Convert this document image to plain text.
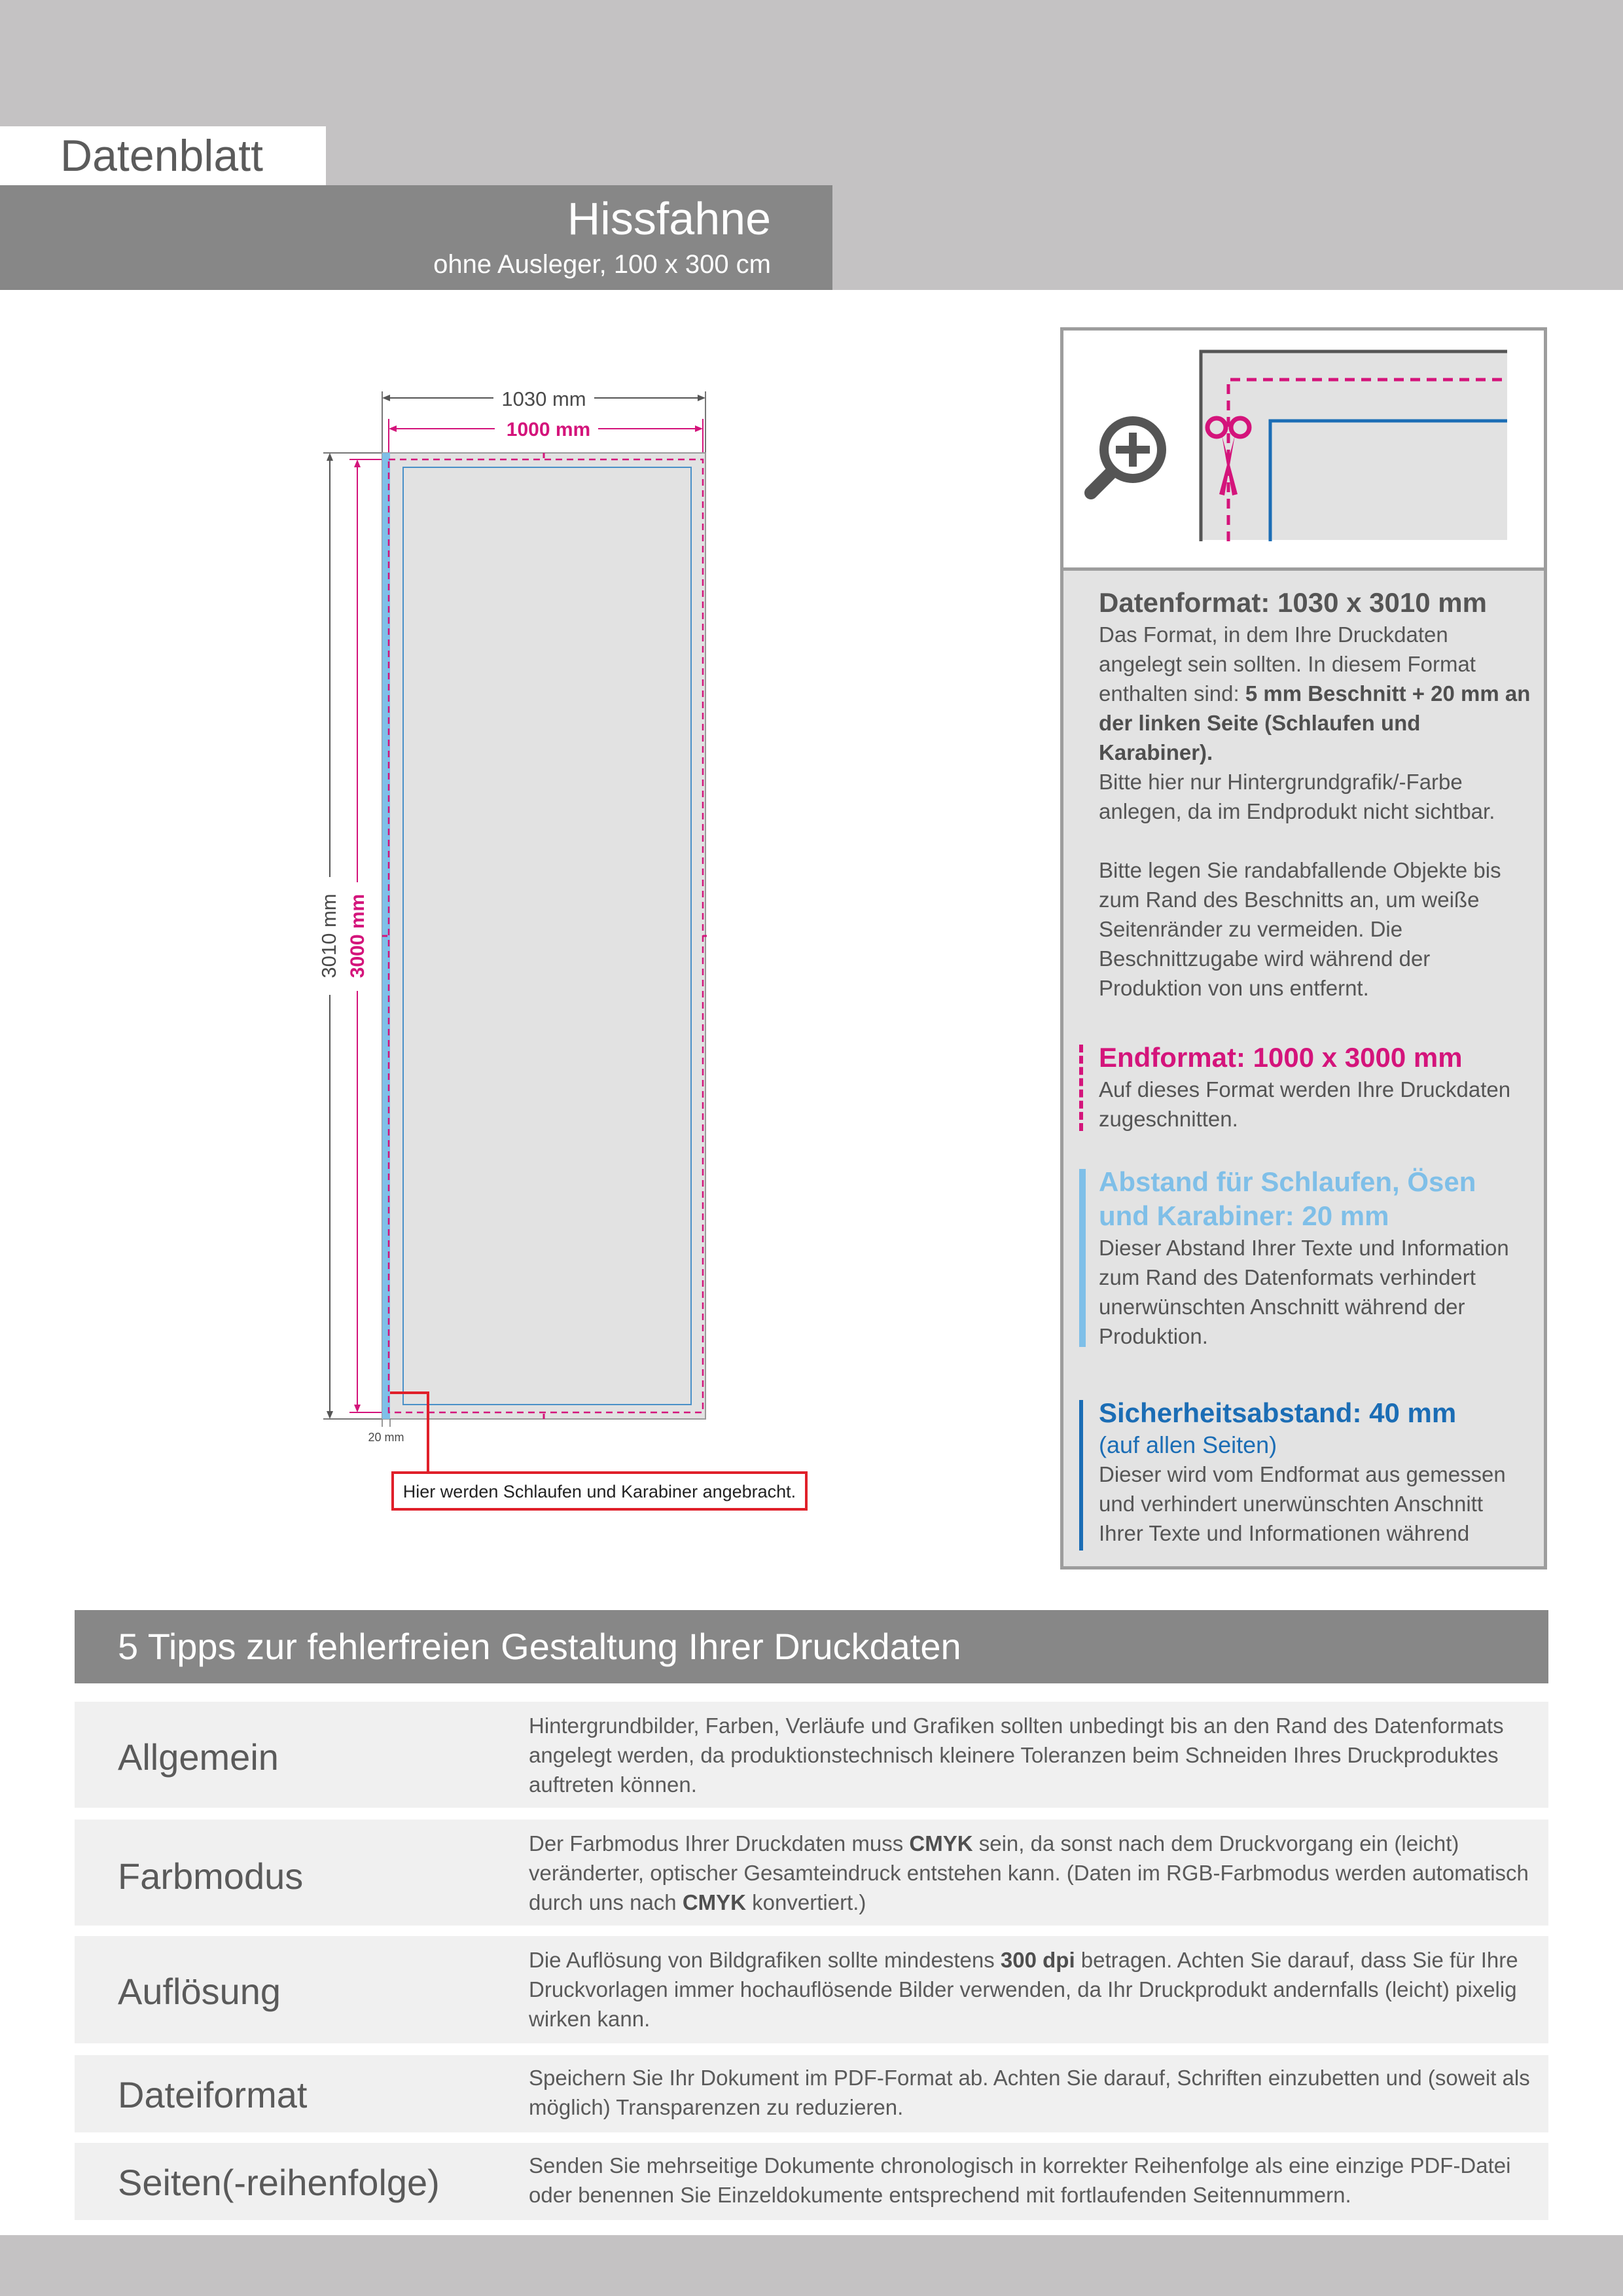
Datenblatt
Hissfahne
ohne Ausleger, 100 x 300 cm
1030 mm
1000 mm
3010 mm 3000 mm
20 mm
Hier werden Schlaufen und Karabiner angebracht.

Datenformat: 1030 x 3010 mm

Das Format, in dem Ihre Druckdaten angelegt sein sollten. In diesem Format enthalten sind: 5 mm Beschnitt + 20 mm an der linken Seite (Schlaufen und Karabiner).

Bitte hier nur Hintergrundgrafik/-Farbe anlegen, da im Endprodukt nicht sichtbar.

Bitte legen Sie randabfallende Objekte bis zum Rand des Beschnitts an, um weiße Seitenränder zu vermeiden. Die Beschnittzugabe wird während der Produktion von uns entfernt.

Endformat: 1000 x 3000 mm

Auf dieses Format werden Ihre Druckdaten zugeschnitten.

Abstand für Schlaufen, Ösen und Karabiner: 20 mm

Dieser Abstand Ihrer Texte und Information zum Rand des Datenformats verhindert unerwünschten Anschnitt während der Produktion.

Sicherheitsabstand: 40 mm

(auf allen Seiten)

Dieser wird vom Endformat aus gemessen und verhindert unerwünschten Anschnitt Ihrer Texte und Informationen während

5 Tipps zur fehlerfreien Gestaltung Ihrer Druckdaten
Allgemein
Hintergrundbilder, Farben, Verläufe und Grafiken sollten unbedingt bis an den Rand des Datenformats angelegt werden, da produktionstechnisch kleinere Toleranzen beim Schneiden Ihres Druckproduktes auftreten können.
Farbmodus
Der Farbmodus Ihrer Druckdaten muss CMYK sein, da sonst nach dem Druckvorgang ein (leicht) veränderter, optischer Gesamteindruck entstehen kann. (Daten im RGB-Farbmodus werden automatisch durch uns nach CMYK konvertiert.)
Auflösung
Die Auflösung von Bildgrafiken sollte mindestens 300 dpi betragen. Achten Sie darauf, dass Sie für Ihre Druckvorlagen immer hochauflösende Bilder verwenden, da Ihr Druckprodukt andernfalls (leicht) pixelig wirken kann.
Dateiformat	Speichern Sie Ihr Dokument im PDF-Format ab. Achten Sie darauf, Schriften einzubetten und (soweit als möglich) Transparenzen zu reduzieren.
Seiten(-reihenfolge)	Senden Sie mehrseitige Dokumente chronologisch in korrekter Reihenfolge als eine einzige PDF-Datei oder benennen Sie Einzeldokumente entsprechend mit fortlaufenden Seitennummern.
